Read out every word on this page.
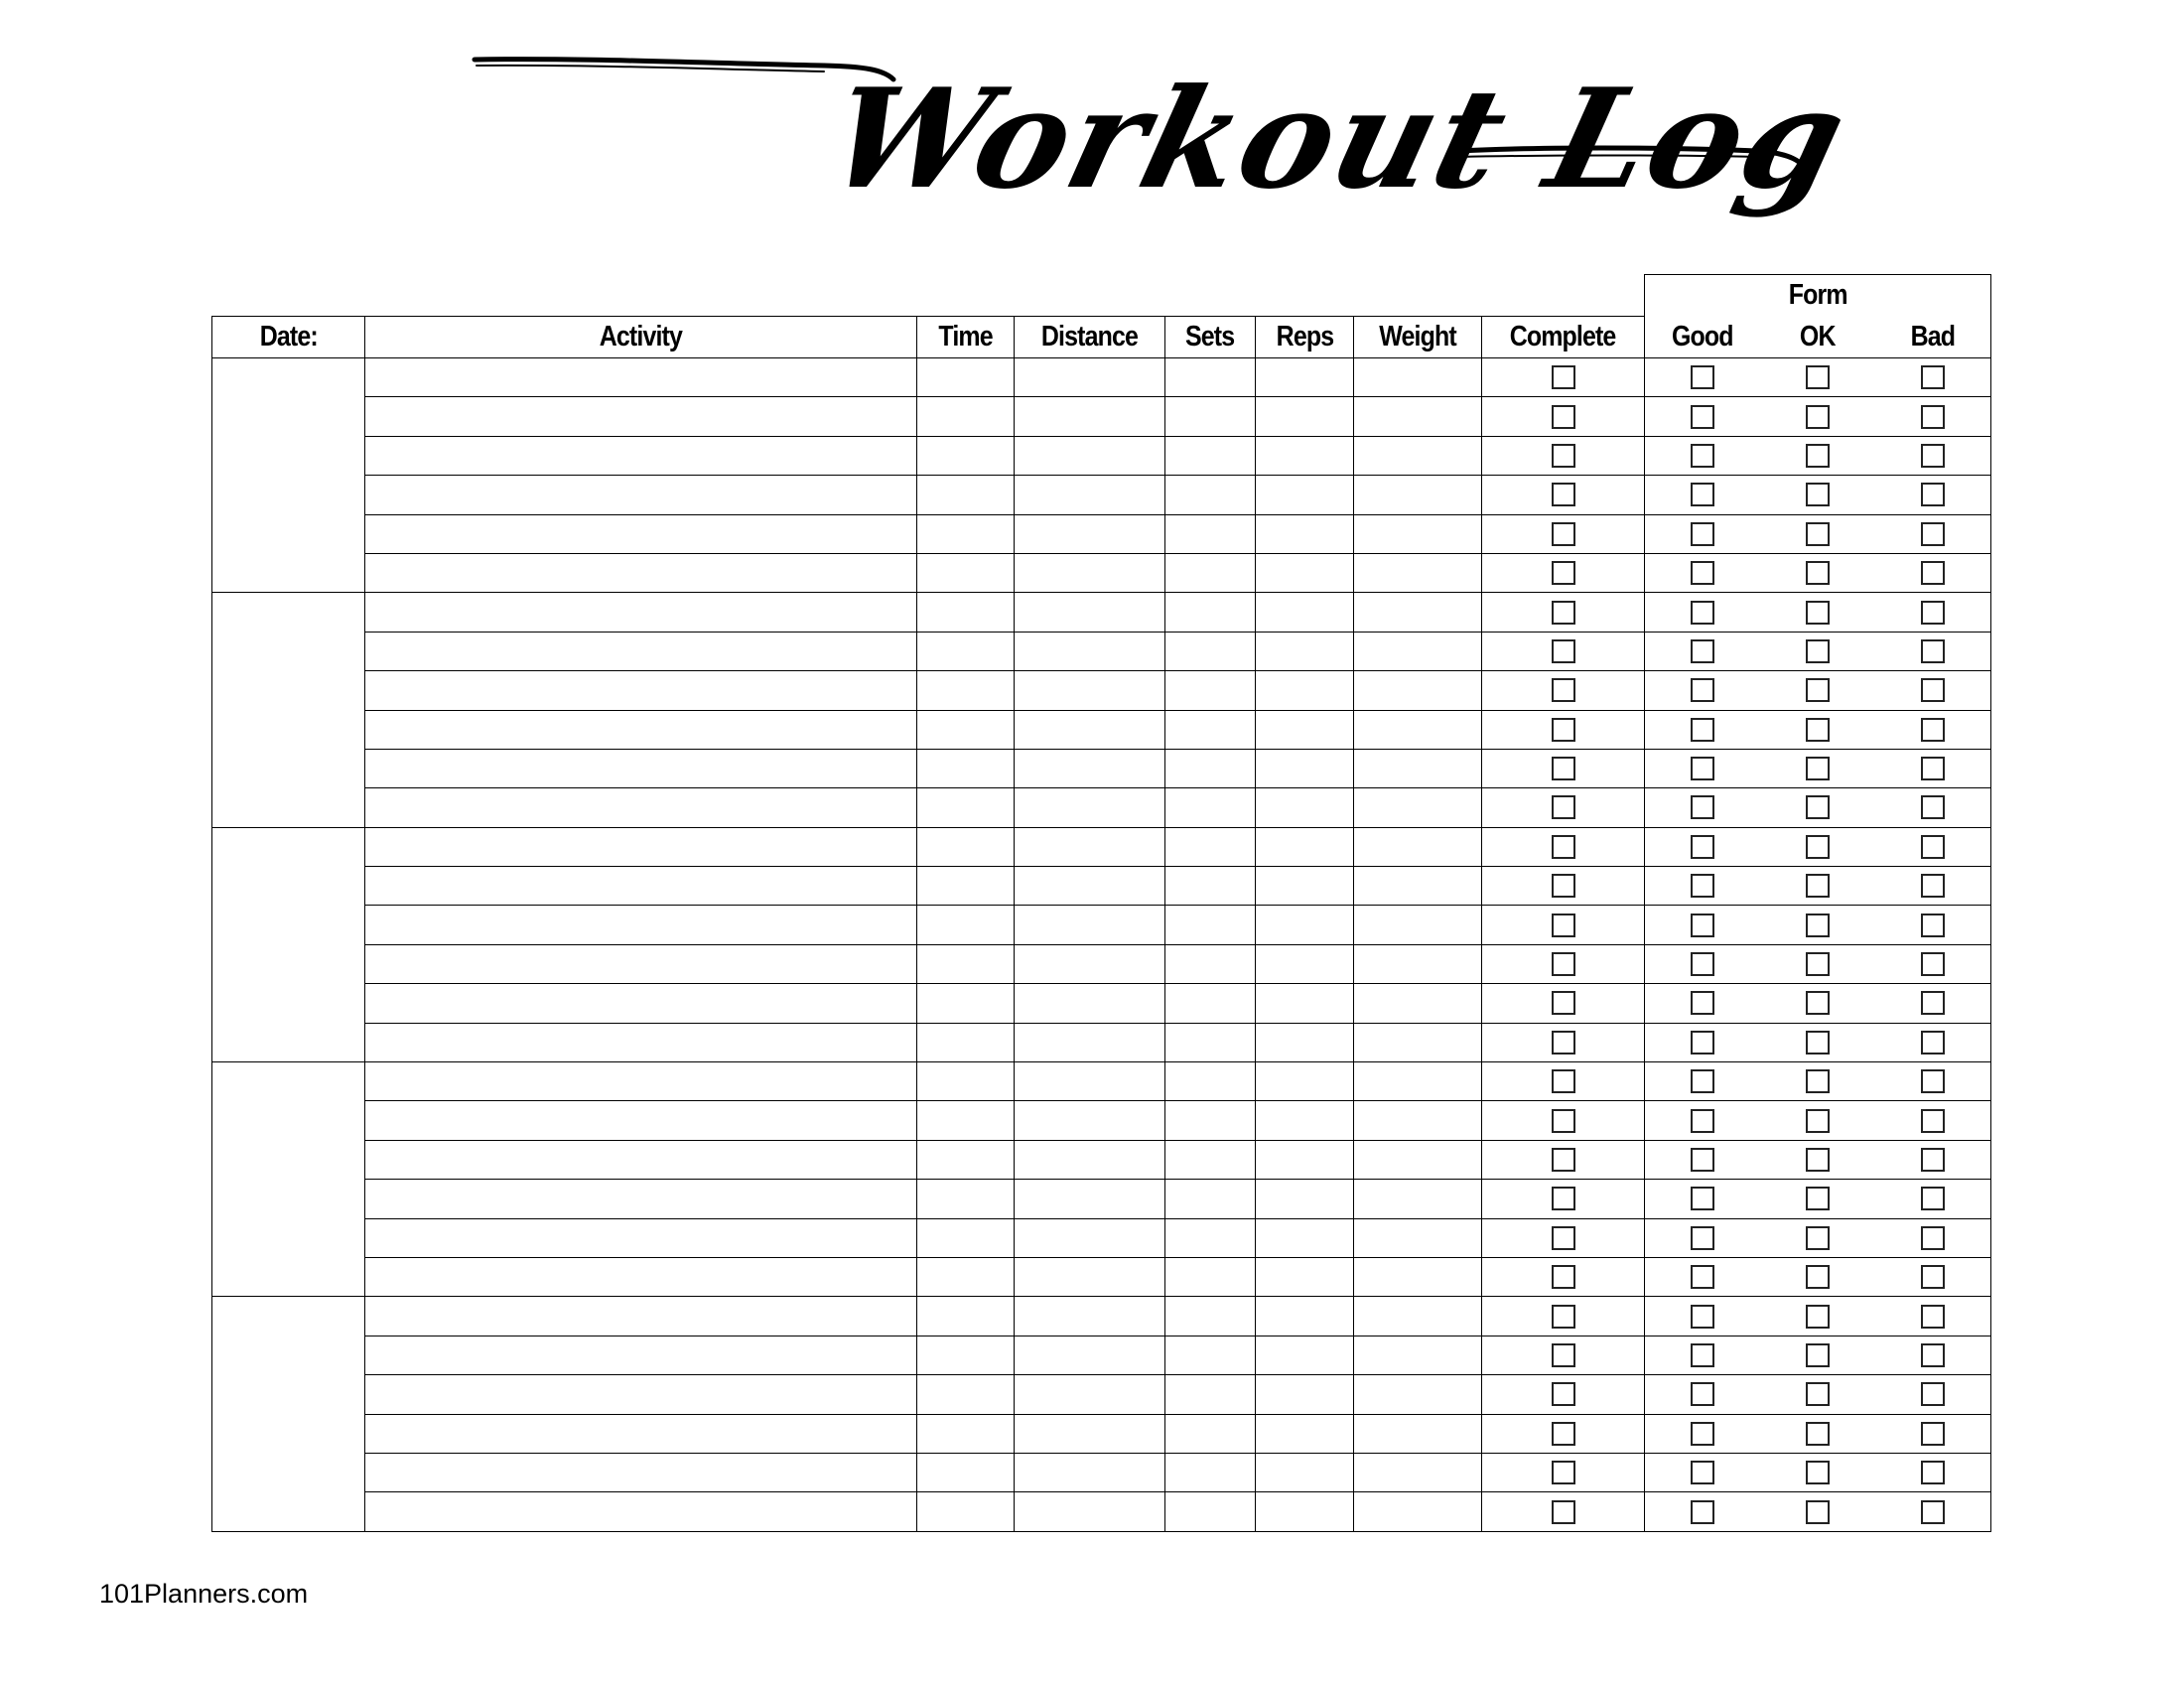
Workout Log
								Form		
Date:	Activity	Time	Distance	Sets	Reps	Weight	Complete	Good	OK	Bad

101Planners.com
